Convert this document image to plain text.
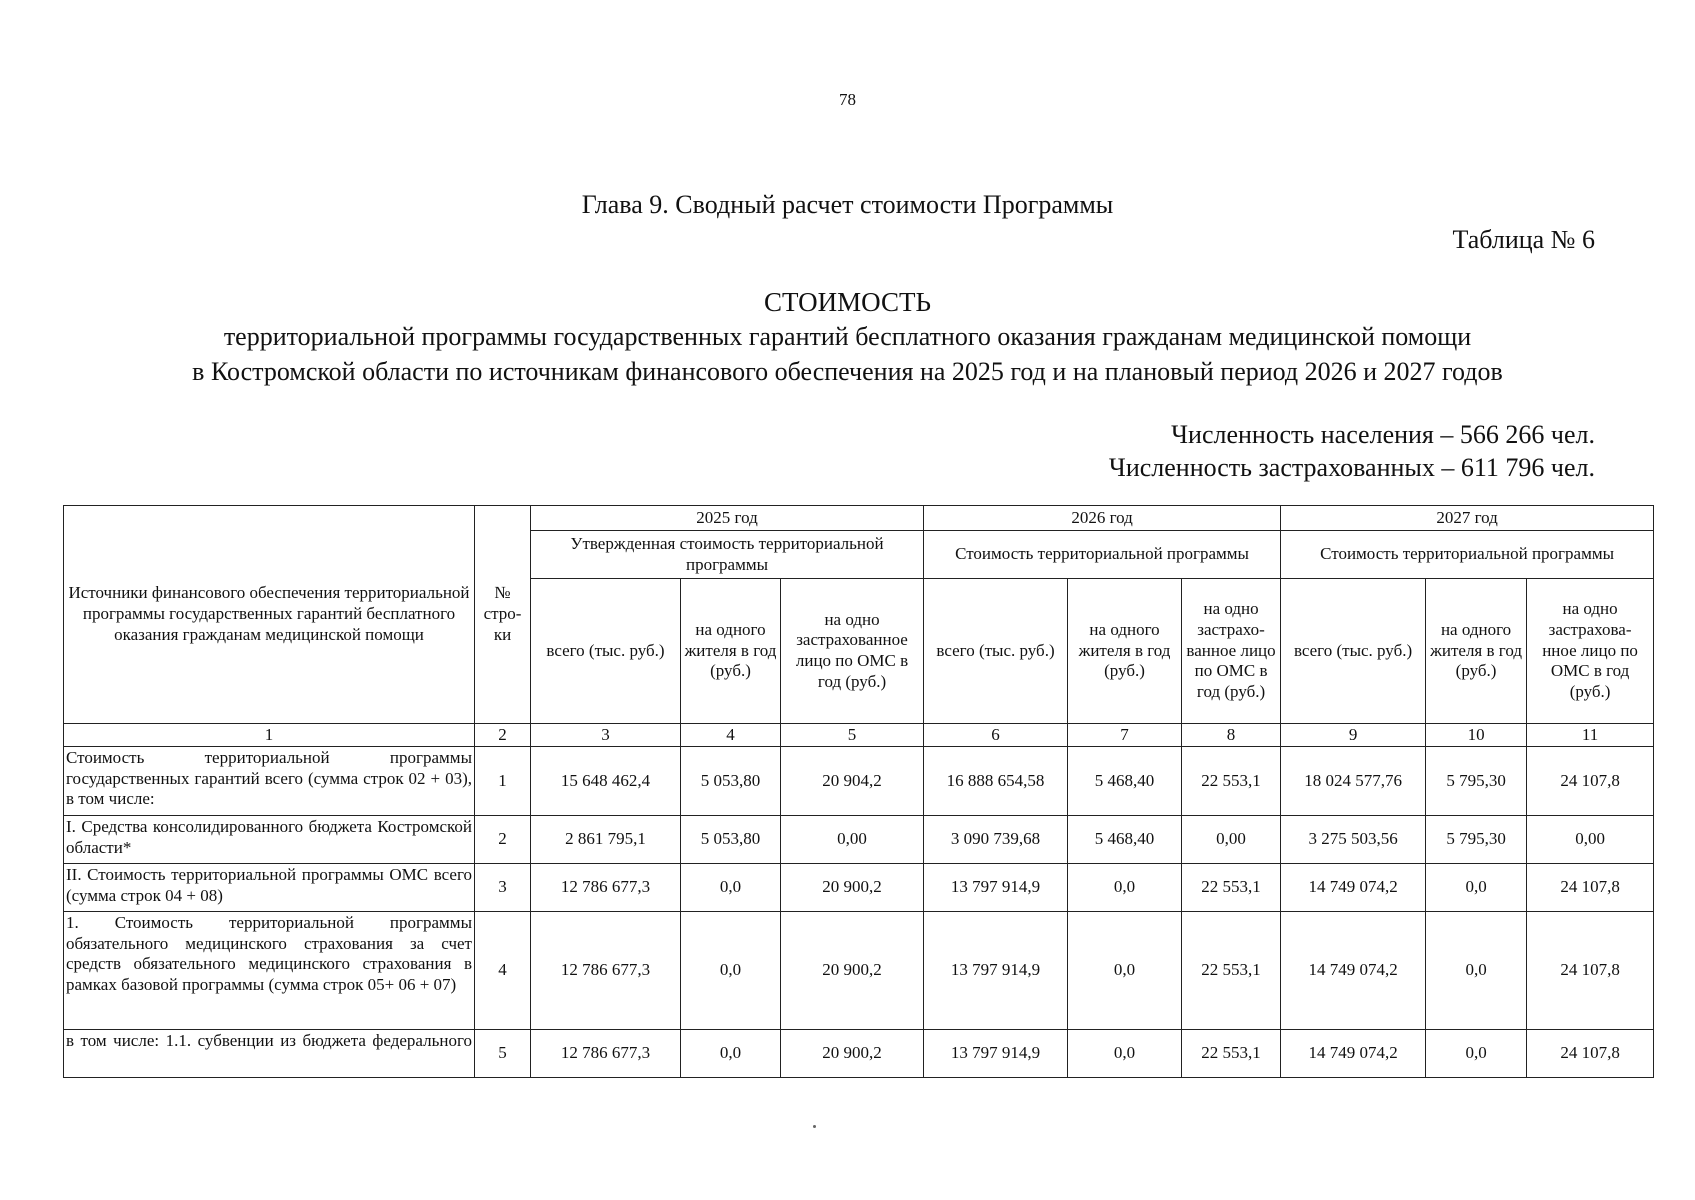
78
Глава 9. Сводный расчет стоимости Программы
Таблица № 6
СТОИМОСТЬ
территориальной программы государственных гарантий бесплатного оказания гражданам медицинской помощи
в Костромской области по источникам финансового обеспечения на 2025 год и на плановый период 2026 и 2027 годов
Численность населения – 566 266 чел.
Численность застрахованных – 611 796 чел.
Источники финансового обеспечения территориальной программы государственных гарантий бесплатного оказания гражданам медицинской помощи	№ стро- ки	2025 год			2026 год			2027 год		
		Утвержденная стоимость территориальной программы			Стоимость территориальной программы			Стоимость территориальной программы		
		всего (тыс. руб.)	на одного жителя в год (руб.)	на одно застрахованное лицо по ОМС в год (руб.)	всего (тыс. руб.)	на одного жителя в год (руб.)	на одно застрахо- ванное лицо по ОМС в год (руб.)	всего (тыс. руб.)	на одного жителя в год (руб.)	на одно застрахова- нное лицо по ОМС в год (руб.)
1	2	3	4	5	6	7	8	9	10	11
Стоимость территориальной программы государственных гарантий всего (сумма строк 02 + 03), в том числе:	1	15 648 462,4	5 053,80	20 904,2	16 888 654,58	5 468,40	22 553,1	18 024 577,76	5 795,30	24 107,8
I. Средства консолидированного бюджета Костромской области*	2	2 861 795,1	5 053,80	0,00	3 090 739,68	5 468,40	0,00	3 275 503,56	5 795,30	0,00
II. Стоимость территориальной программы ОМС всего (сумма строк 04 + 08)	3	12 786 677,3	0,0	20 900,2	13 797 914,9	0,0	22 553,1	14 749 074,2	0,0	24 107,8
1. Стоимость территориальной программы обязательного медицинского страхования за счет средств обязательного медицинского страхования в рамках базовой программы (сумма строк 05+ 06 + 07)	4	12 786 677,3	0,0	20 900,2	13 797 914,9	0,0	22 553,1	14 749 074,2	0,0	24 107,8
в том числе: 1.1. субвенции из бюджета федерального	5	12 786 677,3	0,0	20 900,2	13 797 914,9	0,0	22 553,1	14 749 074,2	0,0	24 107,8
